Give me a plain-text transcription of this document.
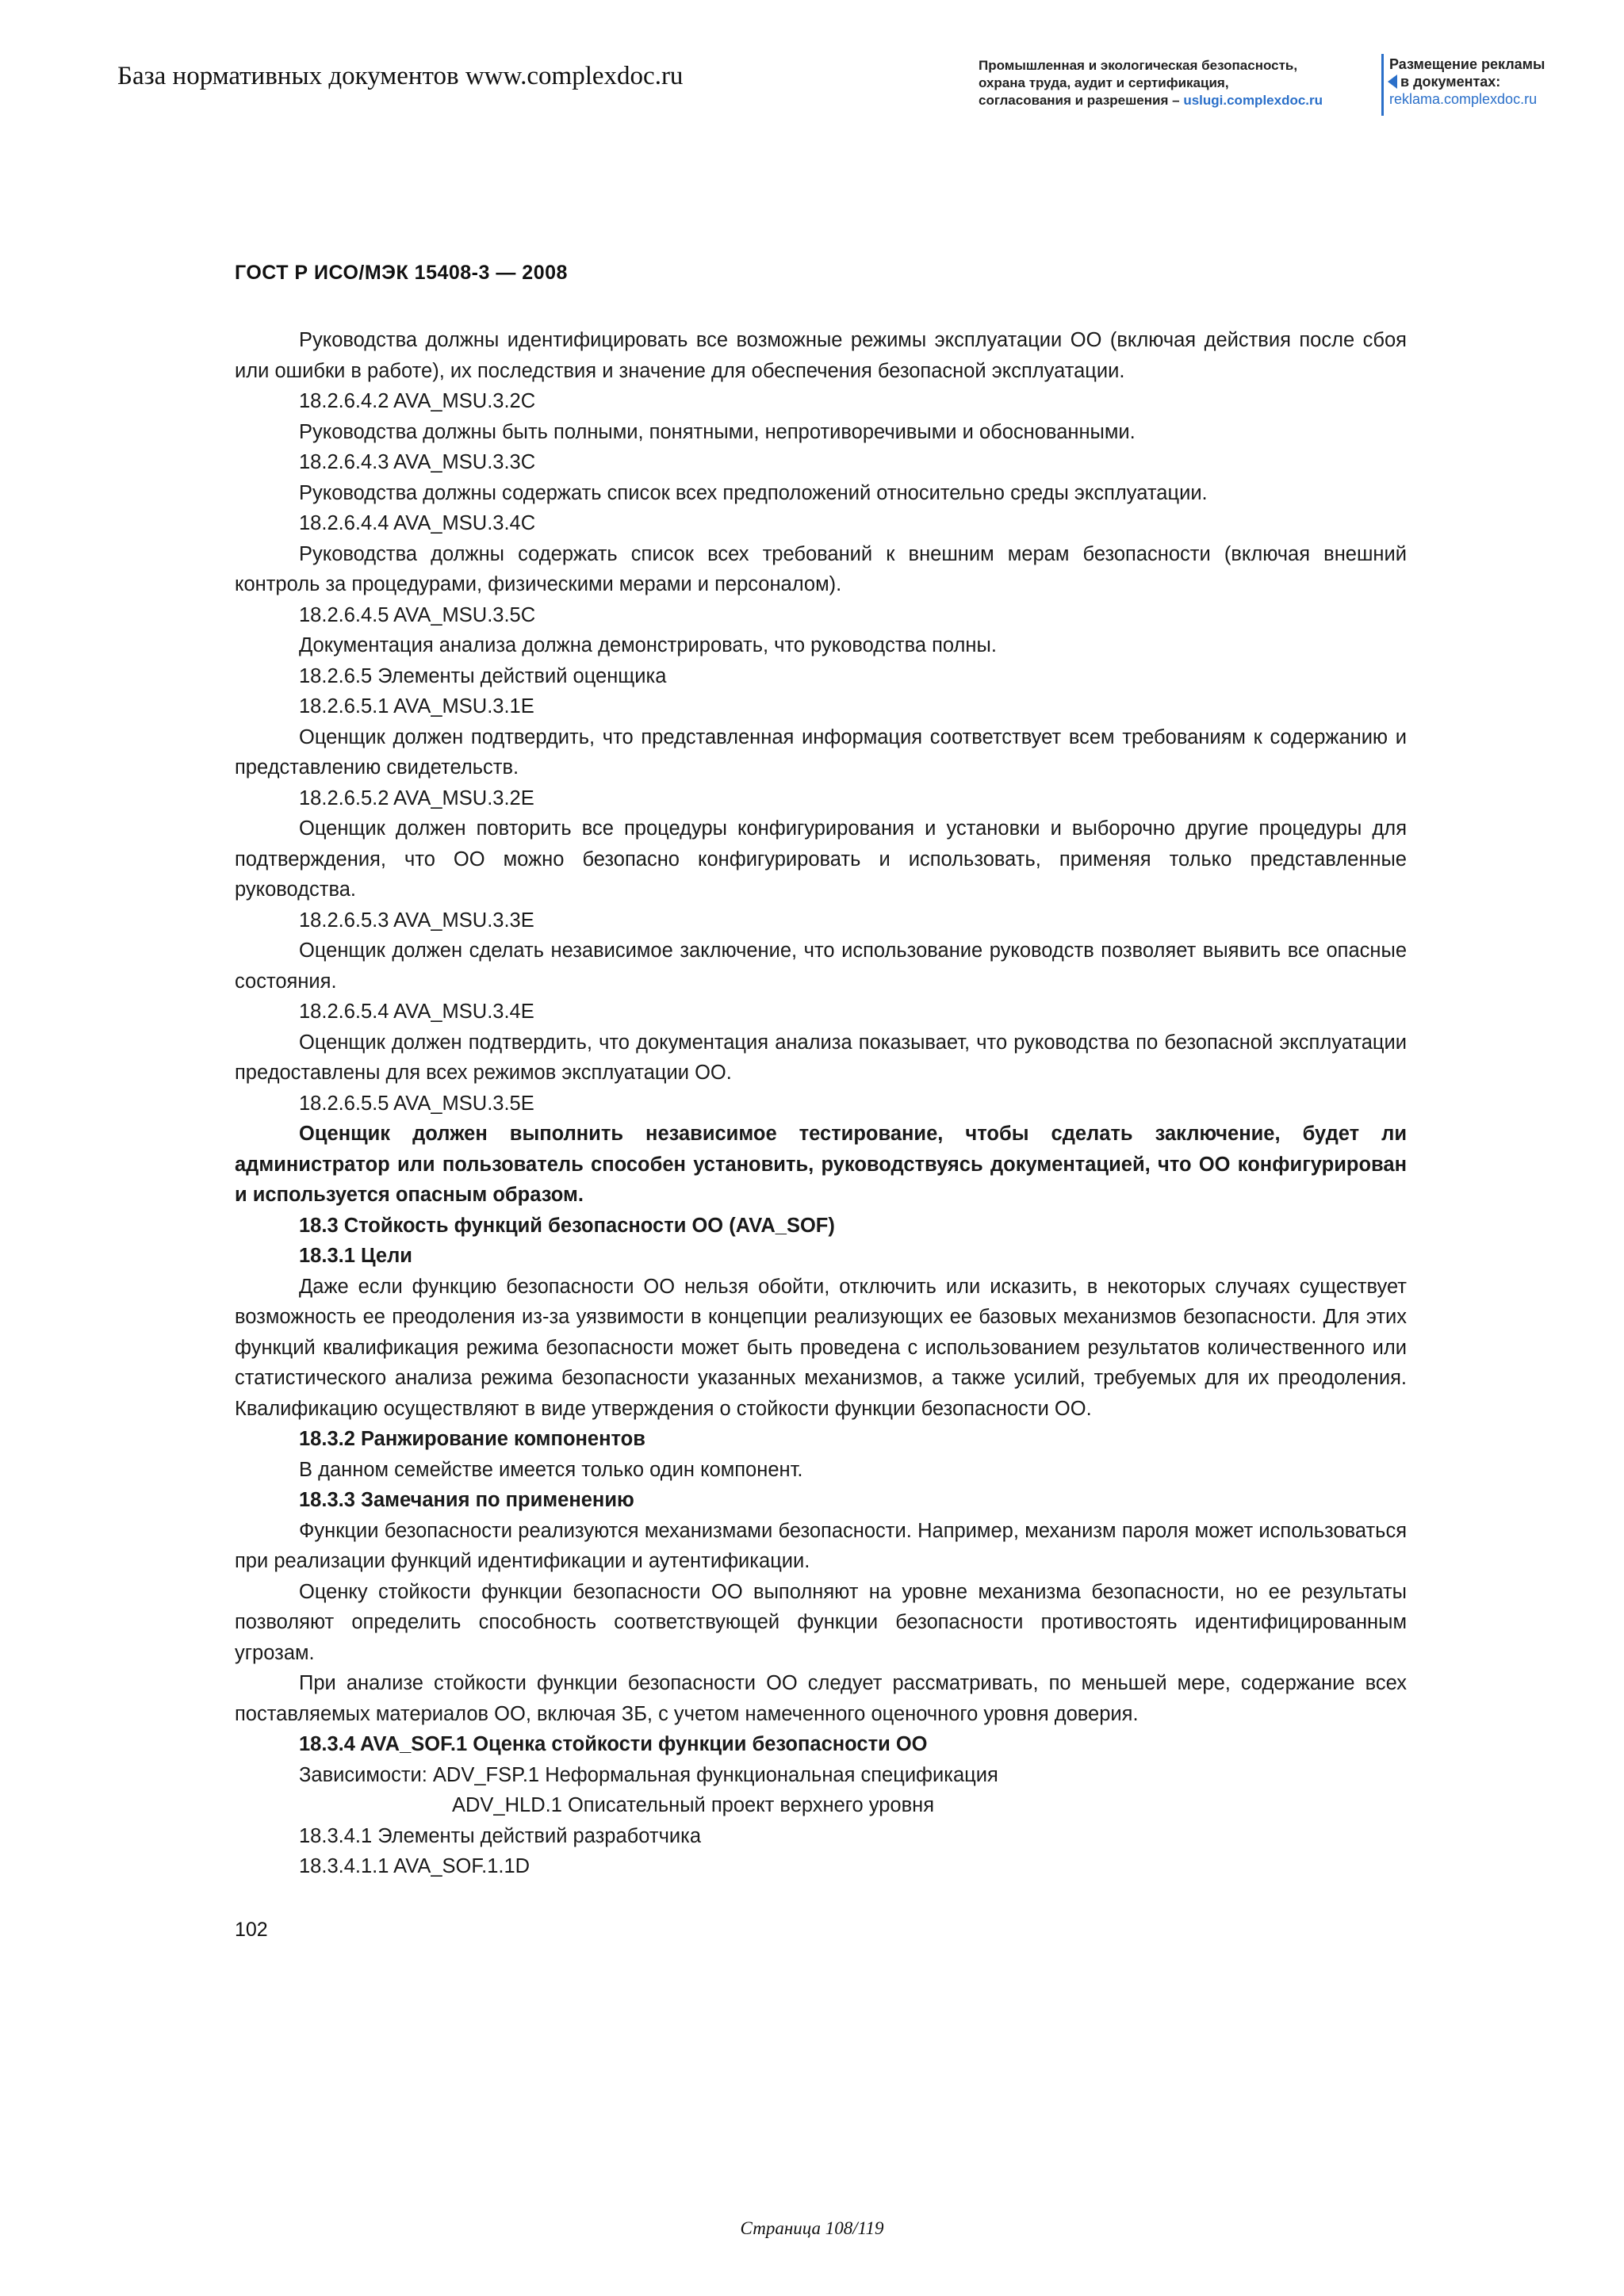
База нормативных документов www.complexdoc.ru	Промышленная и экологическая безопасность,
охрана труда, аудит и сертификация,
согласования и разрешения – uslugi.complexdoc.ru
Размещение рекламы
в документах:
reklama.complexdoc.ru
ГОСТ Р ИСО/МЭК 15408-3 — 2008

Руководства должны идентифицировать все возможные режимы эксплуатации ОО (включая действия после сбоя или ошибки в работе), их последствия и значение для обеспечения безопасной эксплуатации.

18.2.6.4.2 AVA_MSU.3.2C

Руководства должны быть полными, понятными, непротиворечивыми и обоснованными.

18.2.6.4.3 AVA_MSU.3.3C

Руководства должны содержать список всех предположений относительно среды эксплуатации.

18.2.6.4.4 AVA_MSU.3.4C

Руководства должны содержать список всех требований к внешним мерам безопасности (включая внешний контроль за процедурами, физическими мерами и персоналом).

18.2.6.4.5 AVA_MSU.3.5C

Документация анализа должна демонстрировать, что руководства полны.

18.2.6.5 Элементы действий оценщика

18.2.6.5.1 AVA_MSU.3.1E

Оценщик должен подтвердить, что представленная информация соответствует всем требованиям к содержанию и представлению свидетельств.

18.2.6.5.2 AVA_MSU.3.2E

Оценщик должен повторить все процедуры конфигурирования и установки и выборочно другие процедуры для подтверждения, что ОО можно безопасно конфигурировать и использовать, применяя только представленные руководства.

18.2.6.5.3 AVA_MSU.3.3E

Оценщик должен сделать независимое заключение, что использование руководств позволяет выявить все опасные состояния.

18.2.6.5.4 AVA_MSU.3.4E

Оценщик должен подтвердить, что документация анализа показывает, что руководства по безопасной эксплуатации предоставлены для всех режимов эксплуатации ОО.

18.2.6.5.5 AVA_MSU.3.5E

Оценщик должен выполнить независимое тестирование, чтобы сделать заключение, будет ли администратор или пользователь способен установить, руководствуясь документацией, что ОО конфигурирован и используется опасным образом.

18.3 Стойкость функций безопасности ОО (AVA_SOF)

18.3.1 Цели

Даже если функцию безопасности ОО нельзя обойти, отключить или исказить, в некоторых случаях существует возможность ее преодоления из-за уязвимости в концепции реализующих ее базовых механизмов безопасности. Для этих функций квалификация режима безопасности может быть проведена с использованием результатов количественного или статистического анализа режима безопасности указанных механизмов, а также усилий, требуемых для их преодоления. Квалификацию осуществляют в виде утверждения о стойкости функции безопасности ОО.

18.3.2 Ранжирование компонентов

В данном семействе имеется только один компонент.

18.3.3 Замечания по применению

Функции безопасности реализуются механизмами безопасности. Например, механизм пароля может использоваться при реализации функций идентификации и аутентификации.

Оценку стойкости функции безопасности ОО выполняют на уровне механизма безопасности, но ее результаты позволяют определить способность соответствующей функции безопасности противостоять идентифицированным угрозам.

При анализе стойкости функции безопасности ОО следует рассматривать, по меньшей мере, содержание всех поставляемых материалов ОО, включая ЗБ, с учетом намеченного оценочного уровня доверия.

18.3.4 AVA_SOF.1 Оценка стойкости функции безопасности ОО

Зависимости: ADV_FSP.1 Неформальная функциональная спецификация

ADV_HLD.1 Описательный проект верхнего уровня

18.3.4.1 Элементы действий разработчика

18.3.4.1.1 AVA_SOF.1.1D

102
Страница 108/119
